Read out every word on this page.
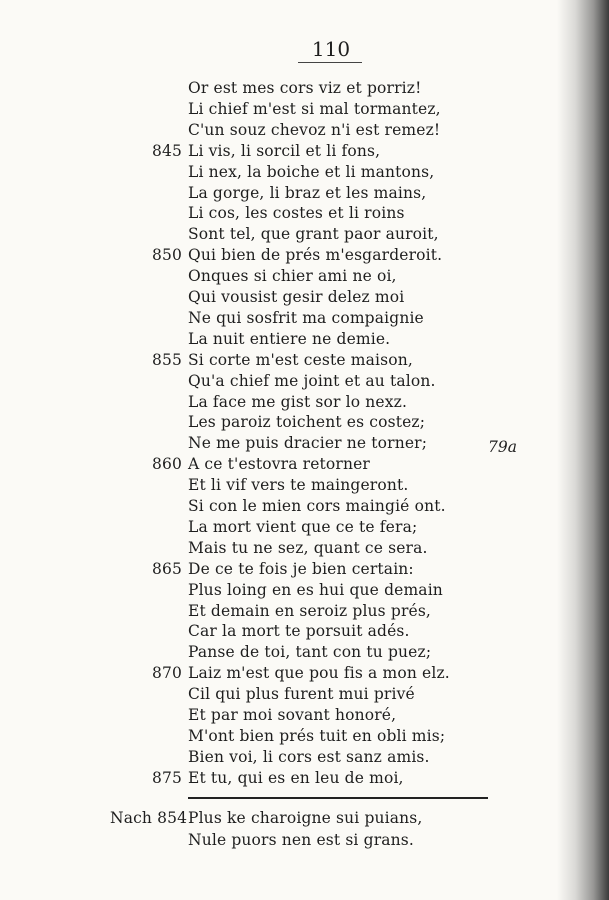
110
Or est mes cors viz et porriz!
Li chief m'est si mal tormantez,
C'un souz chevoz n'i est remez!
845 Li vis, li sorcil et li fons,
Li nex, la boiche et li mantons,
La gorge, li braz et les mains,
Li cos, les costes et li roins
Sont tel, que grant paor auroit,
850 Qui bien de prés m'esgarderoit.
Onques si chier ami ne oi,
Qui vousist gesir delez moi
Ne qui sosfrit ma compaignie
La nuit entiere ne demie.
855 Si corte m'est ceste maison,
Qu'a chief me joint et au talon.
La face me gist sor lo nexz.
Les paroiz toichent es costez;
Ne me puis dracier ne torner;
860 A ce t'estovra retorner
Et li vif vers te maingeront.
Si con le mien cors maingié ont.
La mort vient que ce te fera;
Mais tu ne sez, quant ce sera.
865 De ce te fois je bien certain:
Plus loing en es hui que demain
Et demain en seroiz plus prés,
Car la mort te porsuit adés.
Panse de toi, tant con tu puez;
870 Laiz m'est que pou fis a mon elz.
Cil qui plus furent mui privé
Et par moi sovant honoré,
M'ont bien prés tuit en obli mis;
Bien voi, li cors est sanz amis.
875 Et tu, qui es en leu de moi,
79a
Nach 854 Plus ke charoigne sui puians,
Nule puors nen est si grans.
